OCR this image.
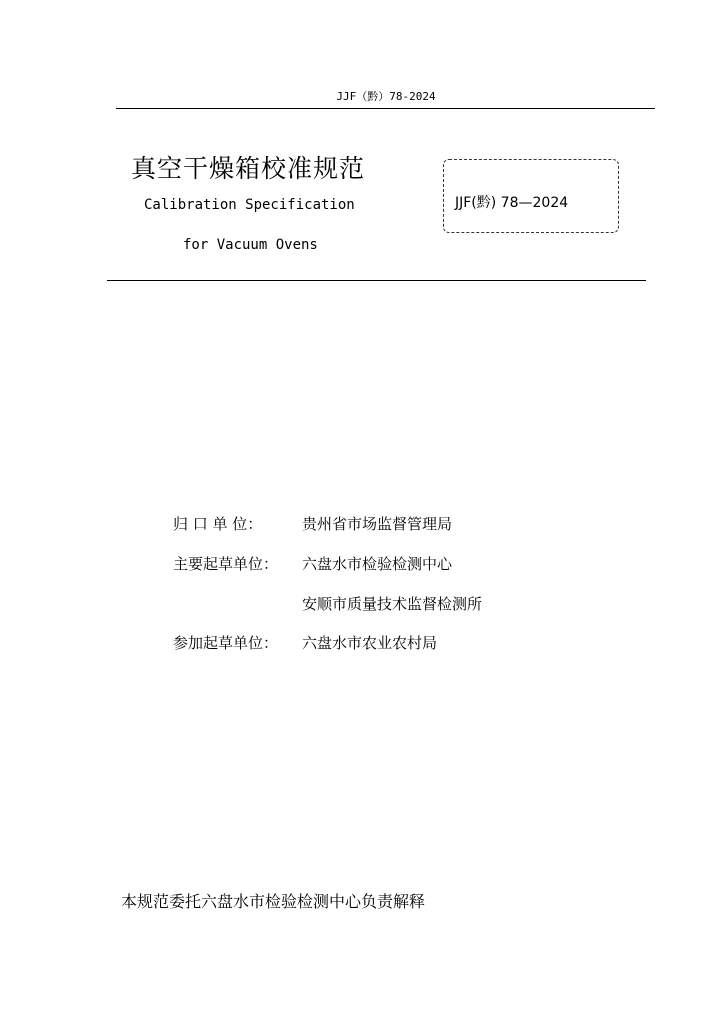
JJF（黔）78-2024
真空干燥箱校准规范
Calibration Specification
for Vacuum Ovens
JJF(黔) 78—2024
归 口 单 位：	贵州省市场监督管理局
主要起草单位： 六盘水市检验检测中心
安顺市质量技术监督检测所
参加起草单位： 六盘水市农业农村局
本规范委托六盘水市检验检测中心负责解释
